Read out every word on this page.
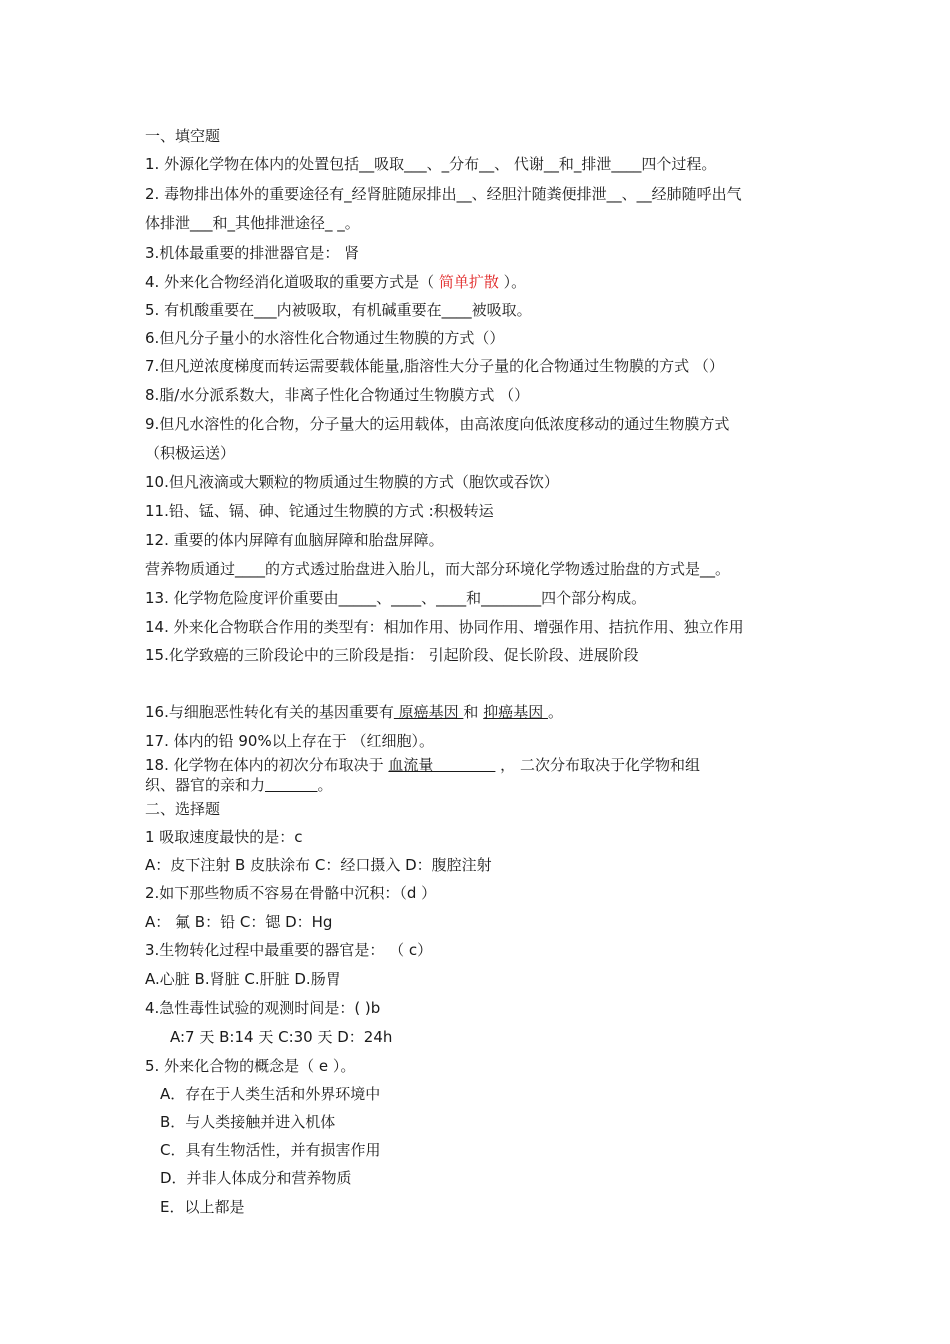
一、填空题
1. 外源化学物在体内的处置包括__吸取___、_分布__、 代谢__和_排泄____四个过程。
2. 毒物排出体外的重要途径有_经肾脏随尿排出__、经胆汁随粪便排泄__、__经肺随呼出气
体排泄___和_其他排泄途径_ _。
3.机体最重要的排泄器官是： 肾
4. 外来化合物经消化道吸取的重要方式是（ 简单扩散 ）。
5. 有机酸重要在___内被吸取，有机碱重要在____被吸取。
6.但凡分子量小的水溶性化合物通过生物膜的方式（）
7.但凡逆浓度梯度而转运需要载体能量,脂溶性大分子量的化合物通过生物膜的方式 （）
8.脂/水分派系数大，非离子性化合物通过生物膜方式 （）
9.但凡水溶性的化合物，分子量大的运用载体，由高浓度向低浓度移动的通过生物膜方式
（积极运送）
10.但凡液滴或大颗粒的物质通过生物膜的方式（胞饮或吞饮）
11.铅、锰、镉、砷、铊通过生物膜的方式 :积极转运
12. 重要的体内屏障有血脑屏障和胎盘屏障。
营养物质通过____的方式透过胎盘进入胎儿，而大部分环境化学物透过胎盘的方式是__。
13. 化学物危险度评价重要由_____、____、____和________四个部分构成。
14. 外来化合物联合作用的类型有：相加作用、协同作用、增强作用、拮抗作用、独立作用
15.化学致癌的三阶段论中的三阶段是指： 引起阶段、促长阶段、进展阶段
16.与细胞恶性转化有关的基因重要有 原癌基因 和 抑癌基因 。
17. 体内的铅 90%以上存在于 （红细胞）。
18. 化学物在体内的初次分布取决于 血流量              ， 二次分布取决于化学物和组
织、器官的亲和力	。
二、选择题
1 吸取速度最快的是：c
A：皮下注射 B 皮肤涂布 C：经口摄入 D：腹腔注射
2.如下那些物质不容易在骨骼中沉积：（d ）
A： 氟 B：铅 C：锶 D：Hg
3.生物转化过程中最重要的器官是： （ c）
A.心脏 B.肾脏 C.肝脏 D.肠胃
4.急性毒性试验的观测时间是：( )b
A:7 天 B:14 天 C:30 天 D：24h
5. 外来化合物的概念是（ e ）。
A．存在于人类生活和外界环境中
B．与人类接触并进入机体
C．具有生物活性，并有损害作用
D．并非人体成分和营养物质
E．以上都是
